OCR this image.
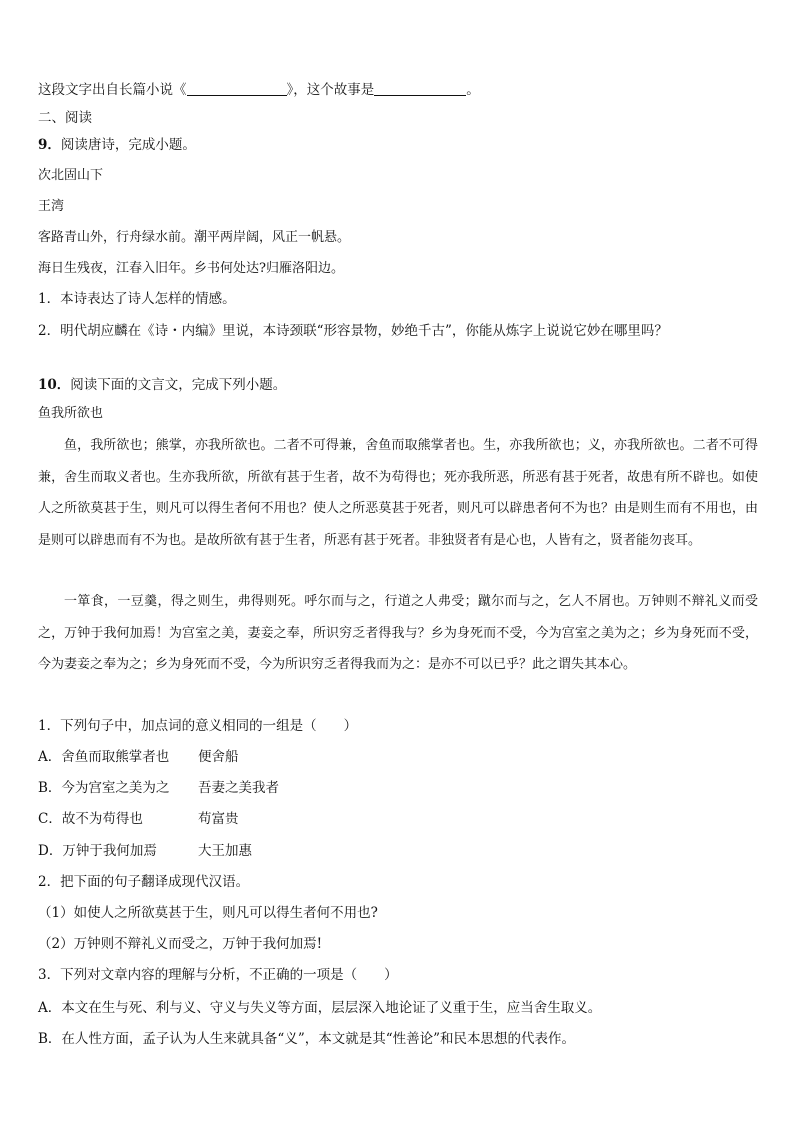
这段文字出自长篇小说《	》，这个故事是	。
二、阅读
9．阅读唐诗，完成小题。
次北固山下
王湾
客路青山外，行舟绿水前。潮平两岸阔，风正一帆悬。
海日生残夜，江春入旧年。乡书何处达?归雁洛阳边。
1．本诗表达了诗人怎样的情感。
2．明代胡应麟在《诗・内编》里说，本诗颈联“形容景物，妙绝千古”，你能从炼字上说说它妙在哪里吗？
10．阅读下面的文言文，完成下列小题。
鱼我所欲也
鱼，我所欲也；熊掌，亦我所欲也。二者不可得兼，舍鱼而取熊掌者也。生，亦我所欲也；义，亦我所欲也。二者不可得兼，舍生而取义者也。生亦我所欲，所欲有甚于生者，故不为苟得也；死亦我所恶，所恶有甚于死者，故患有所不辟也。如使人之所欲莫甚于生，则凡可以得生者何不用也？使人之所恶莫甚于死者，则凡可以辟患者何不为也？由是则生而有不用也，由是则可以辟患而有不为也。是故所欲有甚于生者，所恶有甚于死者。非独贤者有是心也，人皆有之，贤者能勿丧耳。
一箪食，一豆羹，得之则生，弗得则死。呼尔而与之，行道之人弗受；蹴尔而与之，乞人不屑也。万钟则不辩礼义而受之，万钟于我何加焉！为宫室之美，妻妾之奉，所识穷乏者得我与？乡为身死而不受，今为宫室之美为之；乡为身死而不受，今为妻妾之奉为之；乡为身死而不受，今为所识穷乏者得我而为之：是亦不可以已乎？此之谓失其本心。
1．下列句子中，加点词的意义相同的一组是（　　）
A．舍鱼而取熊掌者也 便舍船
B．今为宫室之美为之 吾妻之美我者
C．故不为苟得也	苟富贵
D．万钟于我何加焉	大王加惠
2．把下面的句子翻译成现代汉语。
（1）如使人之所欲莫甚于生，则凡可以得生者何不用也?
（2）万钟则不辩礼义而受之，万钟于我何加焉!
3．下列对文章内容的理解与分析，不正确的一项是（　　）
A．本文在生与死、利与义、守义与失义等方面，层层深入地论证了义重于生，应当舍生取义。
B．在人性方面，孟子认为人生来就具备“义”，本文就是其“性善论”和民本思想的代表作。
